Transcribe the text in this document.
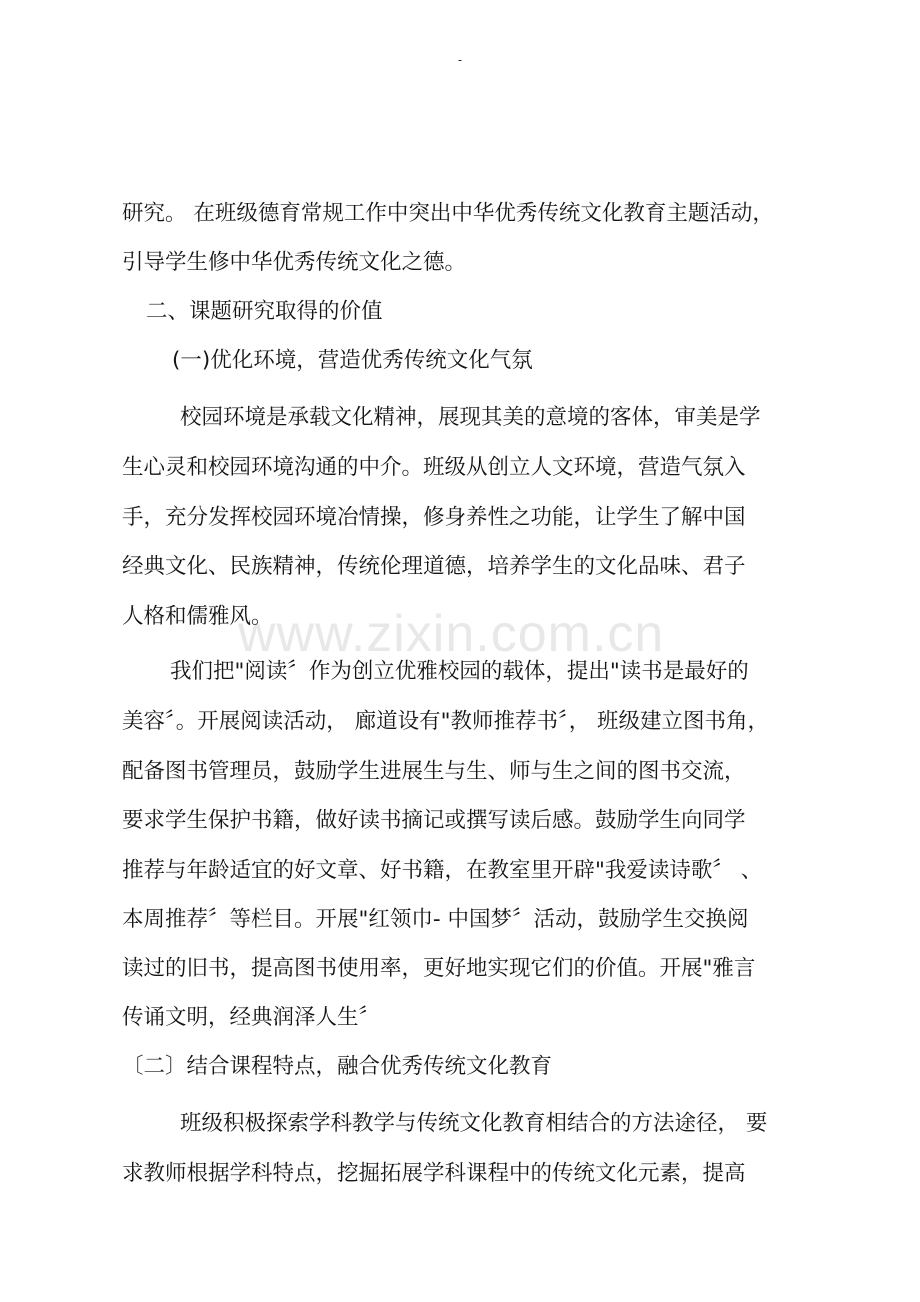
-
www.zixin.com.cn
研究。 在班级德育常规工作中突出中华优秀传统文化教育主题活动，
引导学生修中华优秀传统文化之德。
二、课题研究取得的价值
(一)优化环境，营造优秀传统文化气氛
校园环境是承载文化精神，展现其美的意境的客体，审美是学
生心灵和校园环境沟通的中介。班级从创立人文环境，营造气氛入
手，充分发挥校园环境冶情操，修身养性之功能，让学生了解中国
经典文化、民族精神，传统伦理道德，培养学生的文化品味、君子
人格和儒雅风。
我们把"阅读〞作为创立优雅校园的载体，提出"读书是最好的
美容〞。开展阅读活动， 廊道设有"教师推荐书〞， 班级建立图书角，
配备图书管理员，鼓励学生进展生与生、师与生之间的图书交流，
要求学生保护书籍，做好读书摘记或撰写读后感。鼓励学生向同学
推荐与年龄适宜的好文章、好书籍，在教室里开辟"我爱读诗歌〞 、
本周推荐〞等栏目。开展"红领巾- 中国梦〞活动，鼓励学生交换阅
读过的旧书，提高图书使用率，更好地实现它们的价值。开展"雅言
传诵文明，经典润泽人生〞
〔二〕结合课程特点，融合优秀传统文化教育
班级积极探索学科教学与传统文化教育相结合的方法途径， 要
求教师根据学科特点，挖掘拓展学科课程中的传统文化元素，提高
